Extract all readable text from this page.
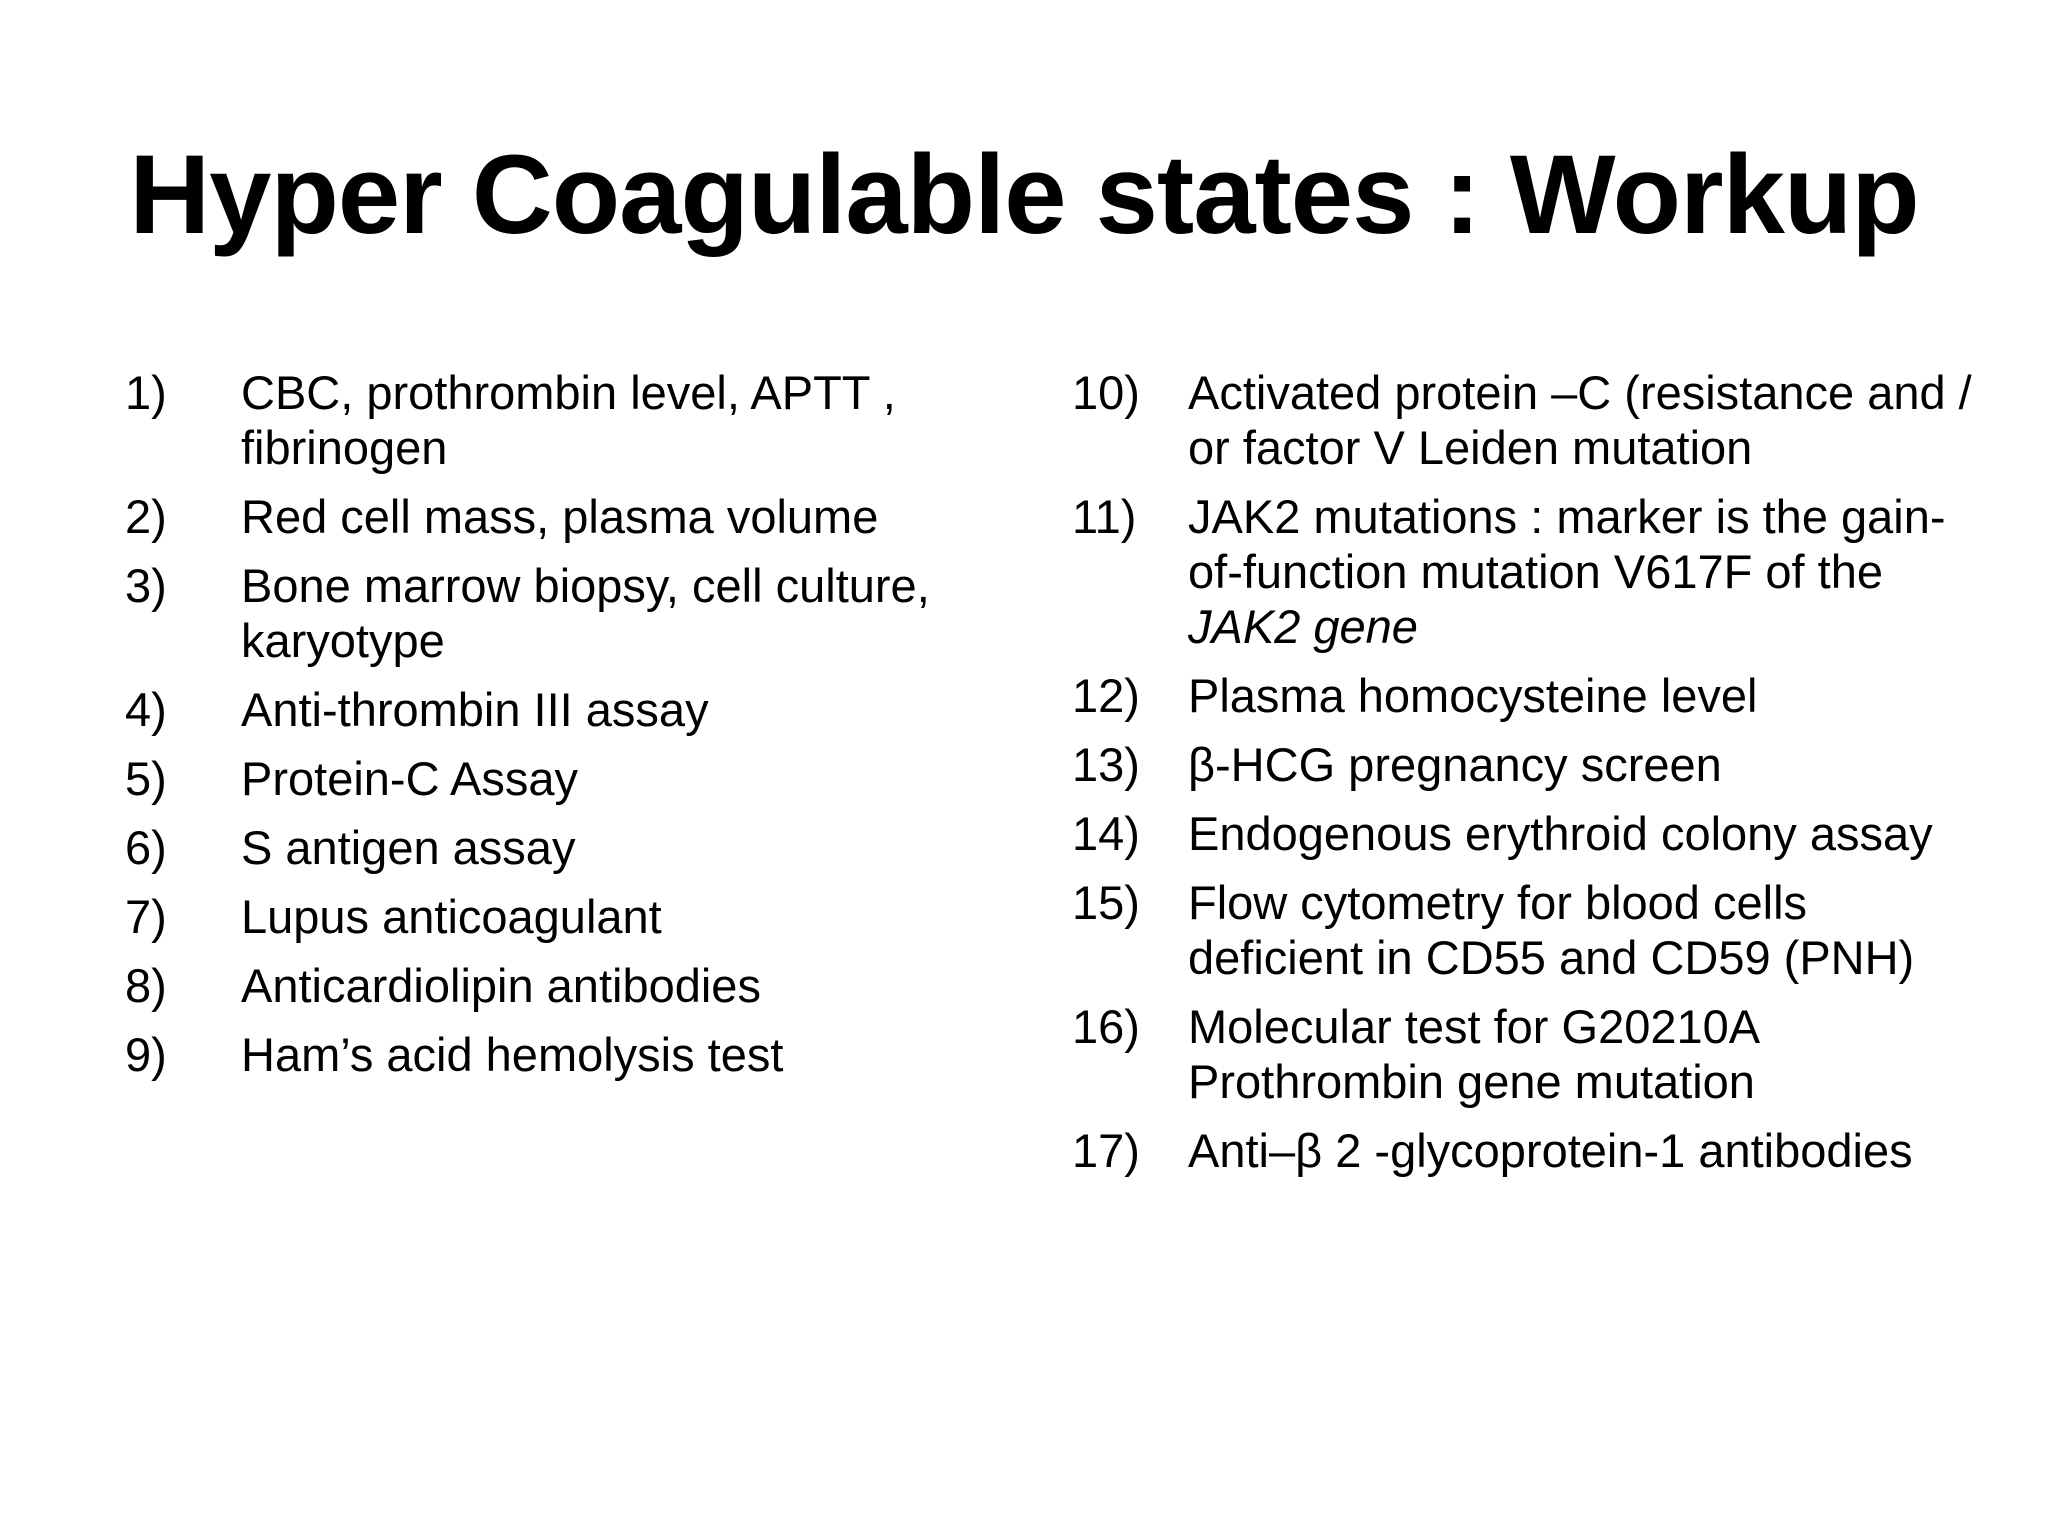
Hyper Coagulable states : Workup
1)	CBC, prothrombin level, APTT , fibrinogen
2)	Red cell mass, plasma volume
3)	Bone marrow biopsy, cell culture, karyotype
4)	Anti-thrombin III assay
5)	Protein-C Assay
6)	S antigen assay
7)	Lupus anticoagulant
8)	Anticardiolipin antibodies
9)	Ham’s acid hemolysis test
10)	Activated protein –C (resistance and / or factor V Leiden mutation
11)	JAK2 mutations : marker is the gain-of-function mutation V617F of the JAK2 gene
12)	Plasma homocysteine level
13)	β-HCG pregnancy screen
14)	Endogenous erythroid colony assay
15)	Flow cytometry for blood cells deficient in CD55 and CD59 (PNH)
16)	Molecular test for G20210A Prothrombin gene mutation
17)	Anti–β 2 -glycoprotein-1 antibodies
